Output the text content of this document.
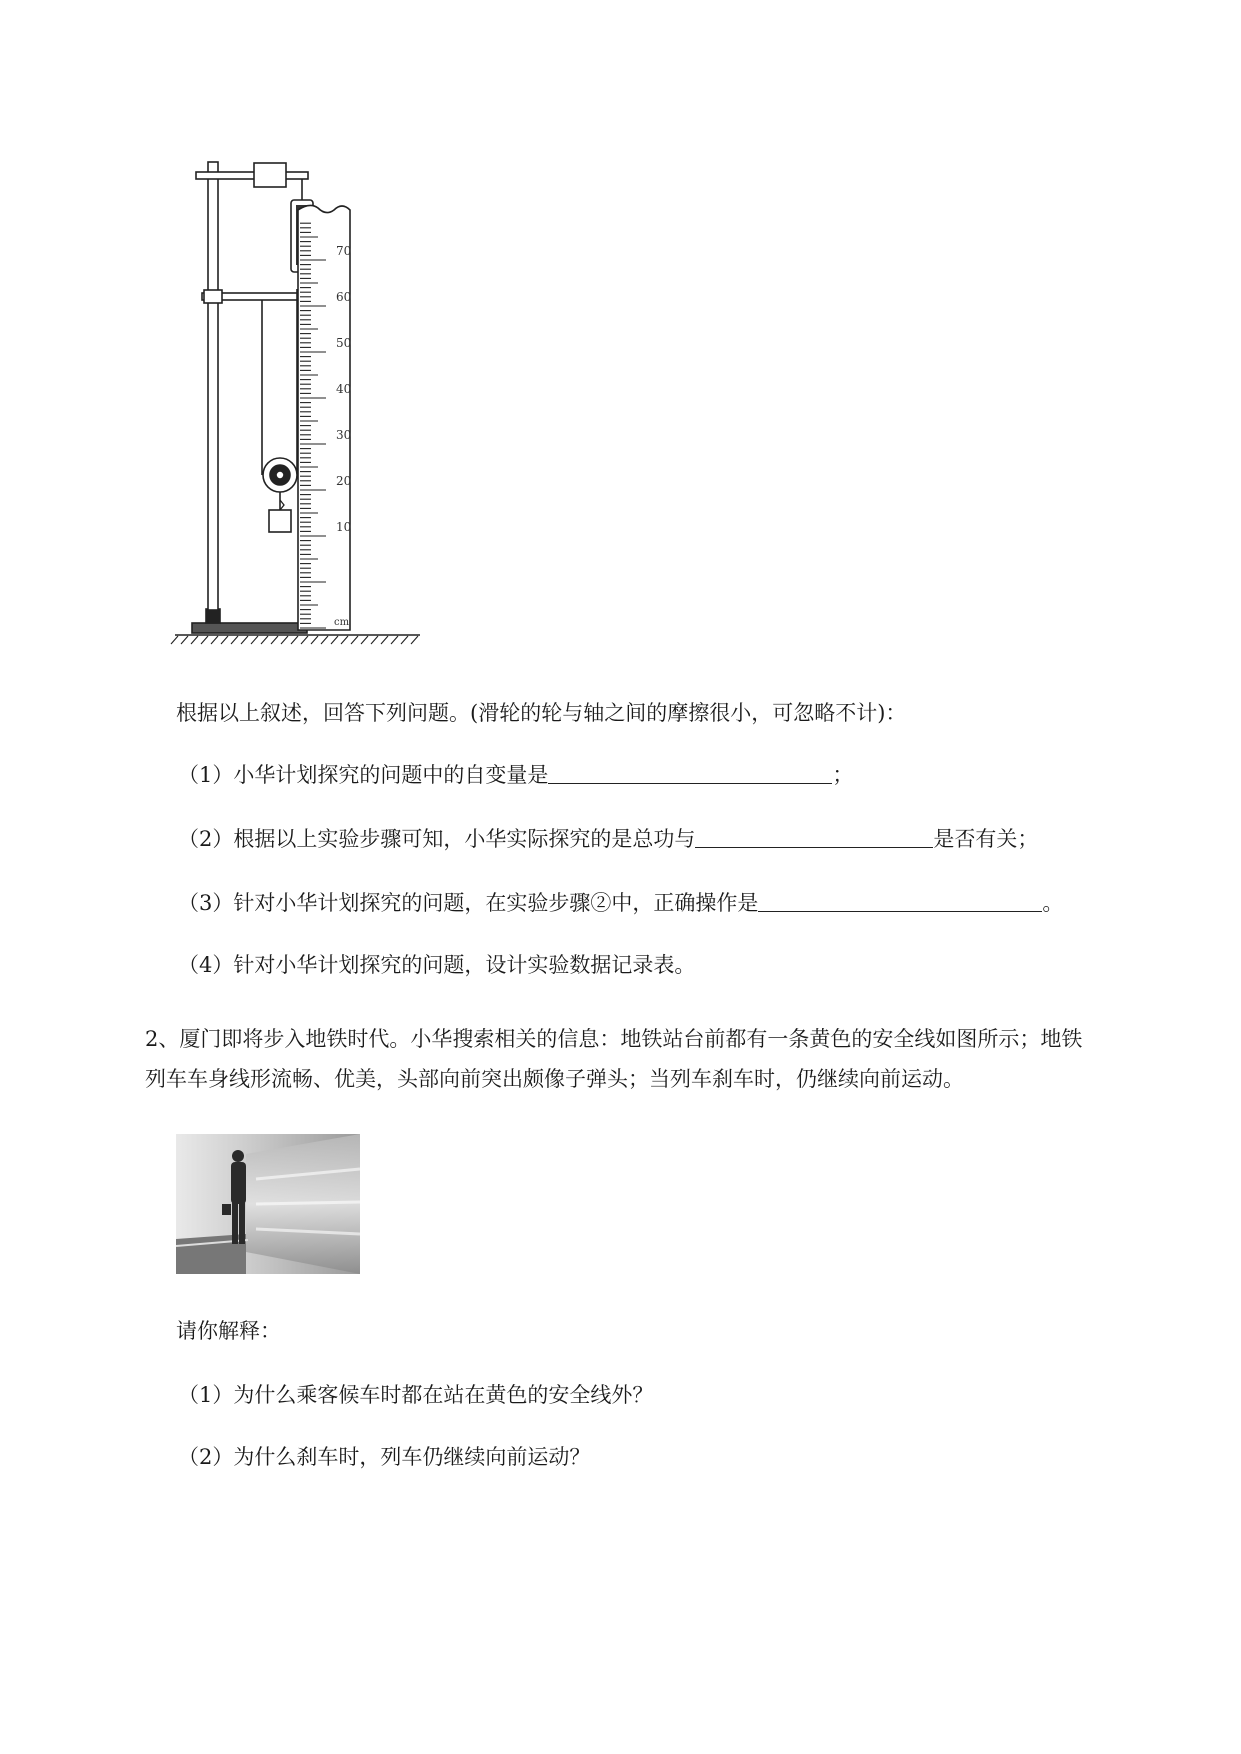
70
60
50
40
30
20
10
cm
根据以上叙述，回答下列问题。(滑轮的轮与轴之间的摩擦很小，可忽略不计)：
（1）小华计划探究的问题中的自变量是	；
（2）根据以上实验步骤可知，小华实际探究的是总功与	是否有关；
（3）针对小华计划探究的问题，在实验步骤②中，正确操作是	。
（4）针对小华计划探究的问题，设计实验数据记录表。
2、厦门即将步入地铁时代。小华搜索相关的信息：地铁站台前都有一条黄色的安全线如图所示；地铁
列车车身线形流畅、优美，头部向前突出颇像子弹头；当列车刹车时，仍继续向前运动。
请你解释：
（1）为什么乘客候车时都在站在黄色的安全线外？
（2）为什么刹车时，列车仍继续向前运动？
